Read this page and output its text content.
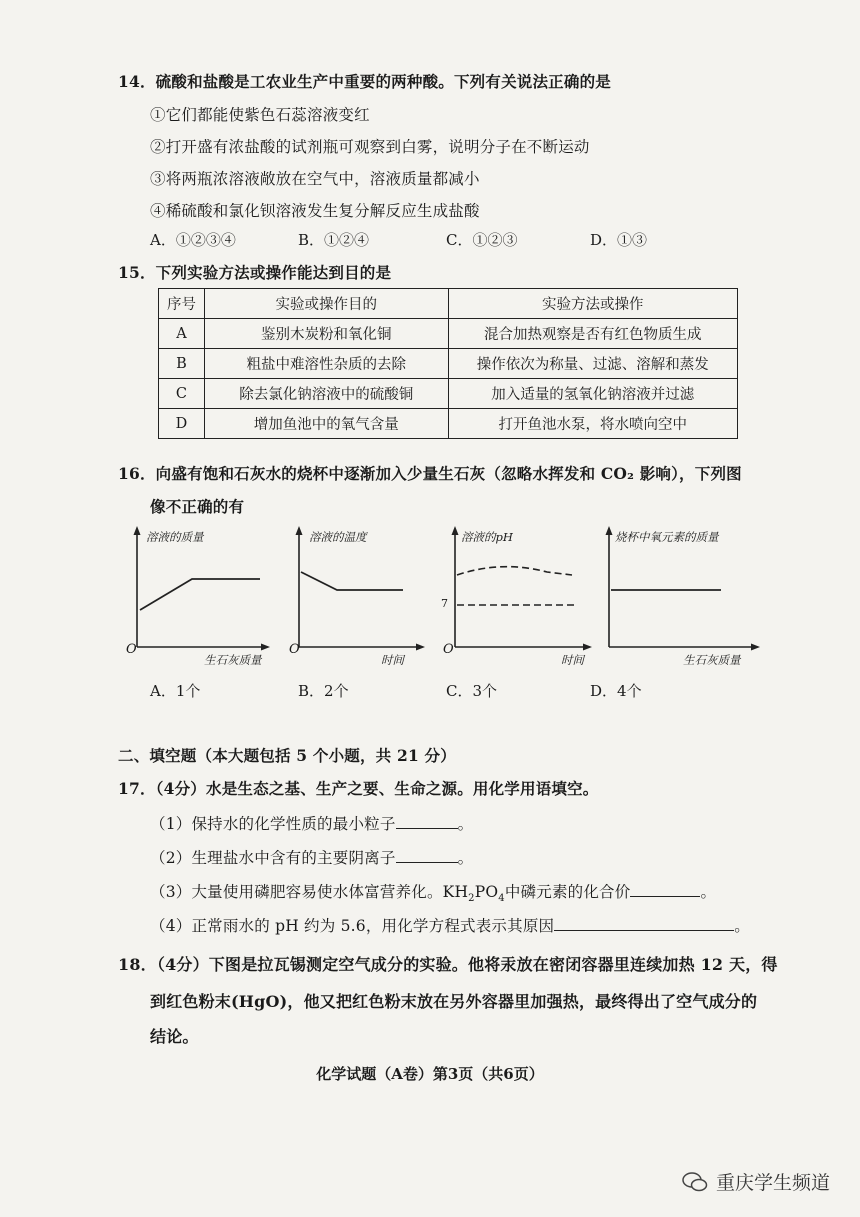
14．硫酸和盐酸是工农业生产中重要的两种酸。下列有关说法正确的是
①它们都能使紫色石蕊溶液变红
②打开盛有浓盐酸的试剂瓶可观察到白雾，说明分子在不断运动
③将两瓶浓溶液敞放在空气中，溶液质量都减小
④稀硫酸和氯化钡溶液发生复分解反应生成盐酸
A．①②③④	B．①②④	C．①②③	D．①③
15．下列实验方法或操作能达到目的是
序号	实验或操作目的	实验方法或操作
A	鉴别木炭粉和氧化铜	混合加热观察是否有红色物质生成
B	粗盐中难溶性杂质的去除	操作依次为称量、过滤、溶解和蒸发
C	除去氯化钠溶液中的硫酸铜	加入适量的氢氧化钠溶液并过滤
D	增加鱼池中的氧气含量	打开鱼池水泵，将水喷向空中
16．向盛有饱和石灰水的烧杯中逐渐加入少量生石灰（忽略水挥发和 CO₂ 影响），下列图
像不正确的有
溶液的质量
生石灰质量
O
溶液的温度
时间
O
溶液的pH
时间
O
7
烧杯中氧元素的质量
生石灰质量
A．1个	B．2个	C．3个	D．4个
二、填空题（本大题包括 5 个小题，共 21 分）
17．（4分）水是生态之基、生产之要、生命之源。用化学用语填空。
（1）保持水的化学性质的最小粒子	。
（2）生理盐水中含有的主要阴离子	。
（3）大量使用磷肥容易使水体富营养化。$KH_2PO_4$中磷元素的化合价	。
（4）正常雨水的 pH 约为 5.6，用化学方程式表示其原因	。
18．（4分）下图是拉瓦锡测定空气成分的实验。他将汞放在密闭容器里连续加热 12 天，得
到红色粉末(HgO)，他又把红色粉末放在另外容器里加强热，最终得出了空气成分的
结论。
化学试题（A卷）第3页（共6页）
重庆学生频道
